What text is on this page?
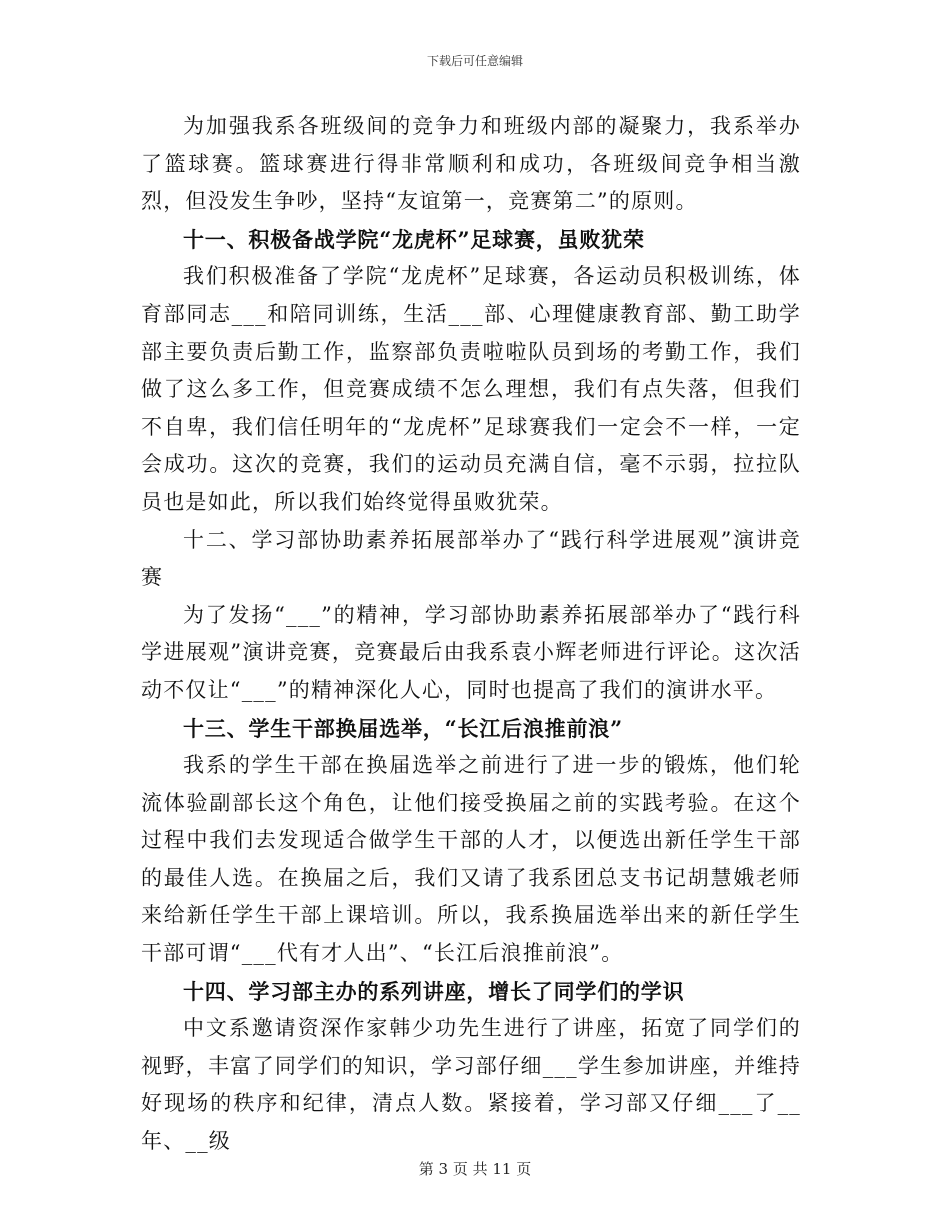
下载后可任意编辑

为加强我系各班级间的竞争力和班级内部的凝聚力，我系举办了篮球赛。篮球赛进行得非常顺利和成功，各班级间竞争相当激烈，但没发生争吵，坚持“友谊第一，竞赛第二”的原则。

十一、积极备战学院“龙虎杯”足球赛，虽败犹荣

我们积极准备了学院“龙虎杯”足球赛，各运动员积极训练，体育部同志___和陪同训练，生活___部、心理健康教育部、勤工助学部主要负责后勤工作，监察部负责啦啦队员到场的考勤工作，我们做了这么多工作，但竞赛成绩不怎么理想，我们有点失落，但我们不自卑，我们信任明年的“龙虎杯”足球赛我们一定会不一样，一定会成功。这次的竞赛，我们的运动员充满自信，毫不示弱，拉拉队员也是如此，所以我们始终觉得虽败犹荣。

十二、学习部协助素养拓展部举办了“践行科学进展观”演讲竞赛

为了发扬“___”的精神，学习部协助素养拓展部举办了“践行科学进展观”演讲竞赛，竞赛最后由我系袁小辉老师进行评论。这次活动不仅让“___”的精神深化人心，同时也提高了我们的演讲水平。

十三、学生干部换届选举，“长江后浪推前浪”

我系的学生干部在换届选举之前进行了进一步的锻炼，他们轮流体验副部长这个角色，让他们接受换届之前的实践考验。在这个过程中我们去发现适合做学生干部的人才，以便选出新任学生干部的最佳人选。在换届之后，我们又请了我系团总支书记胡慧娥老师来给新任学生干部上课培训。所以，我系换届选举出来的新任学生干部可谓“___代有才人出”、“长江后浪推前浪”。

十四、学习部主办的系列讲座，增长了同学们的学识

中文系邀请资深作家韩少功先生进行了讲座，拓宽了同学们的视野，丰富了同学们的知识，学习部仔细___学生参加讲座，并维持好现场的秩序和纪律，清点人数。紧接着，学习部又仔细___了__年、__级

第 3 页 共 11 页
